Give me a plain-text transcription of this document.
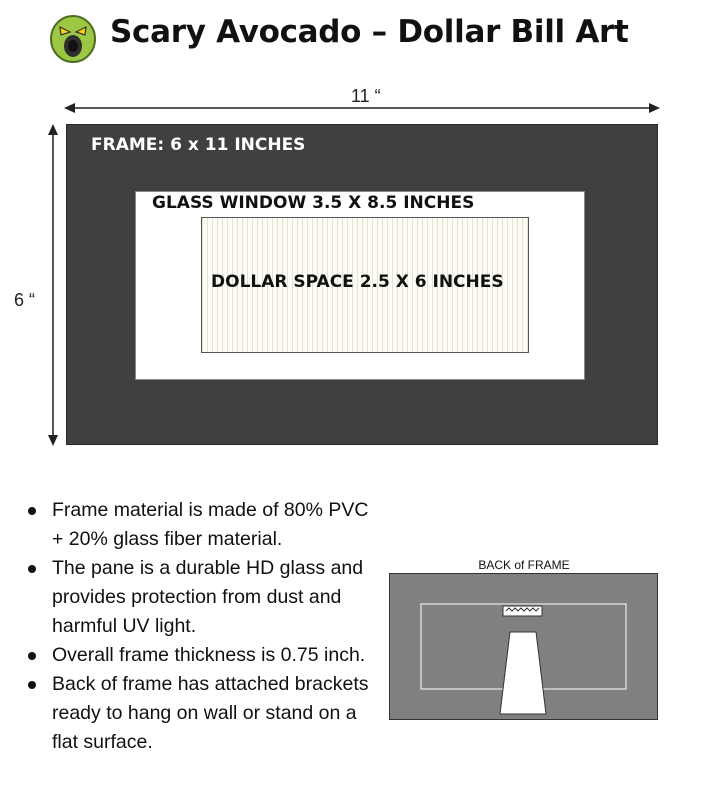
Scary Avocado – Dollar Bill Art
11 “
6 “
FRAME: 6 x 11 INCHES
GLASS WINDOW 3.5 X 8.5 INCHES
DOLLAR SPACE 2.5 X 6 INCHES
Frame material is made of 80% PVC + 20% glass fiber material.
The pane is a durable HD glass and provides protection from dust and harmful UV light.
Overall frame thickness is 0.75 inch.
Back of frame has attached brackets ready to hang on wall or stand on a flat surface.
BACK of FRAME
